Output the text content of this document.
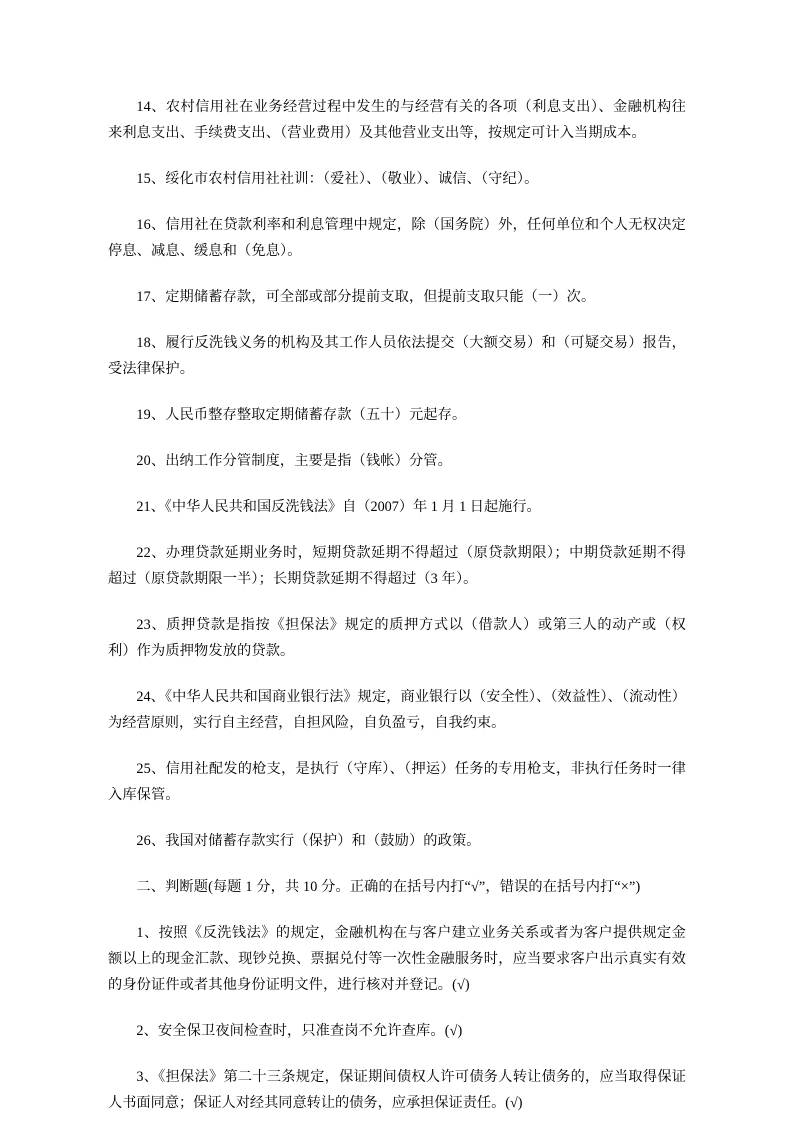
14、农村信用社在业务经营过程中发生的与经营有关的各项（利息支出）、金融机构往来利息支出、手续费支出、（营业费用）及其他营业支出等，按规定可计入当期成本。

15、绥化市农村信用社社训：（爱社）、（敬业）、诚信、（守纪）。

16、信用社在贷款利率和利息管理中规定，除（国务院）外，任何单位和个人无权决定停息、减息、缓息和（免息）。

17、定期储蓄存款，可全部或部分提前支取，但提前支取只能（一）次。

18、履行反洗钱义务的机构及其工作人员依法提交（大额交易）和（可疑交易）报告，受法律保护。

19、人民币整存整取定期储蓄存款（五十）元起存。

20、出纳工作分管制度，主要是指（钱帐）分管。

21、《中华人民共和国反洗钱法》自（2007）年 1 月 1 日起施行。

22、办理贷款延期业务时，短期贷款延期不得超过（原贷款期限）；中期贷款延期不得超过（原贷款期限一半）；长期贷款延期不得超过（3 年）。

23、质押贷款是指按《担保法》规定的质押方式以（借款人）或第三人的动产或（权利）作为质押物发放的贷款。

24、《中华人民共和国商业银行法》规定，商业银行以（安全性）、（效益性）、（流动性）为经营原则，实行自主经营，自担风险，自负盈亏，自我约束。

25、信用社配发的枪支，是执行（守库）、（押运）任务的专用枪支，非执行任务时一律入库保管。

26、我国对储蓄存款实行（保护）和（鼓励）的政策。

二、判断题(每题 1 分，共 10 分。正确的在括号内打“√”，错误的在括号内打“×”)

1、按照《反洗钱法》的规定，金融机构在与客户建立业务关系或者为客户提供规定金额以上的现金汇款、现钞兑换、票据兑付等一次性金融服务时，应当要求客户出示真实有效的身份证件或者其他身份证明文件，进行核对并登记。(√)

2、安全保卫夜间检查时，只准查岗不允许查库。(√)

3、《担保法》第二十三条规定，保证期间债权人许可债务人转让债务的，应当取得保证人书面同意；保证人对经其同意转让的债务，应承担保证责任。(√)
